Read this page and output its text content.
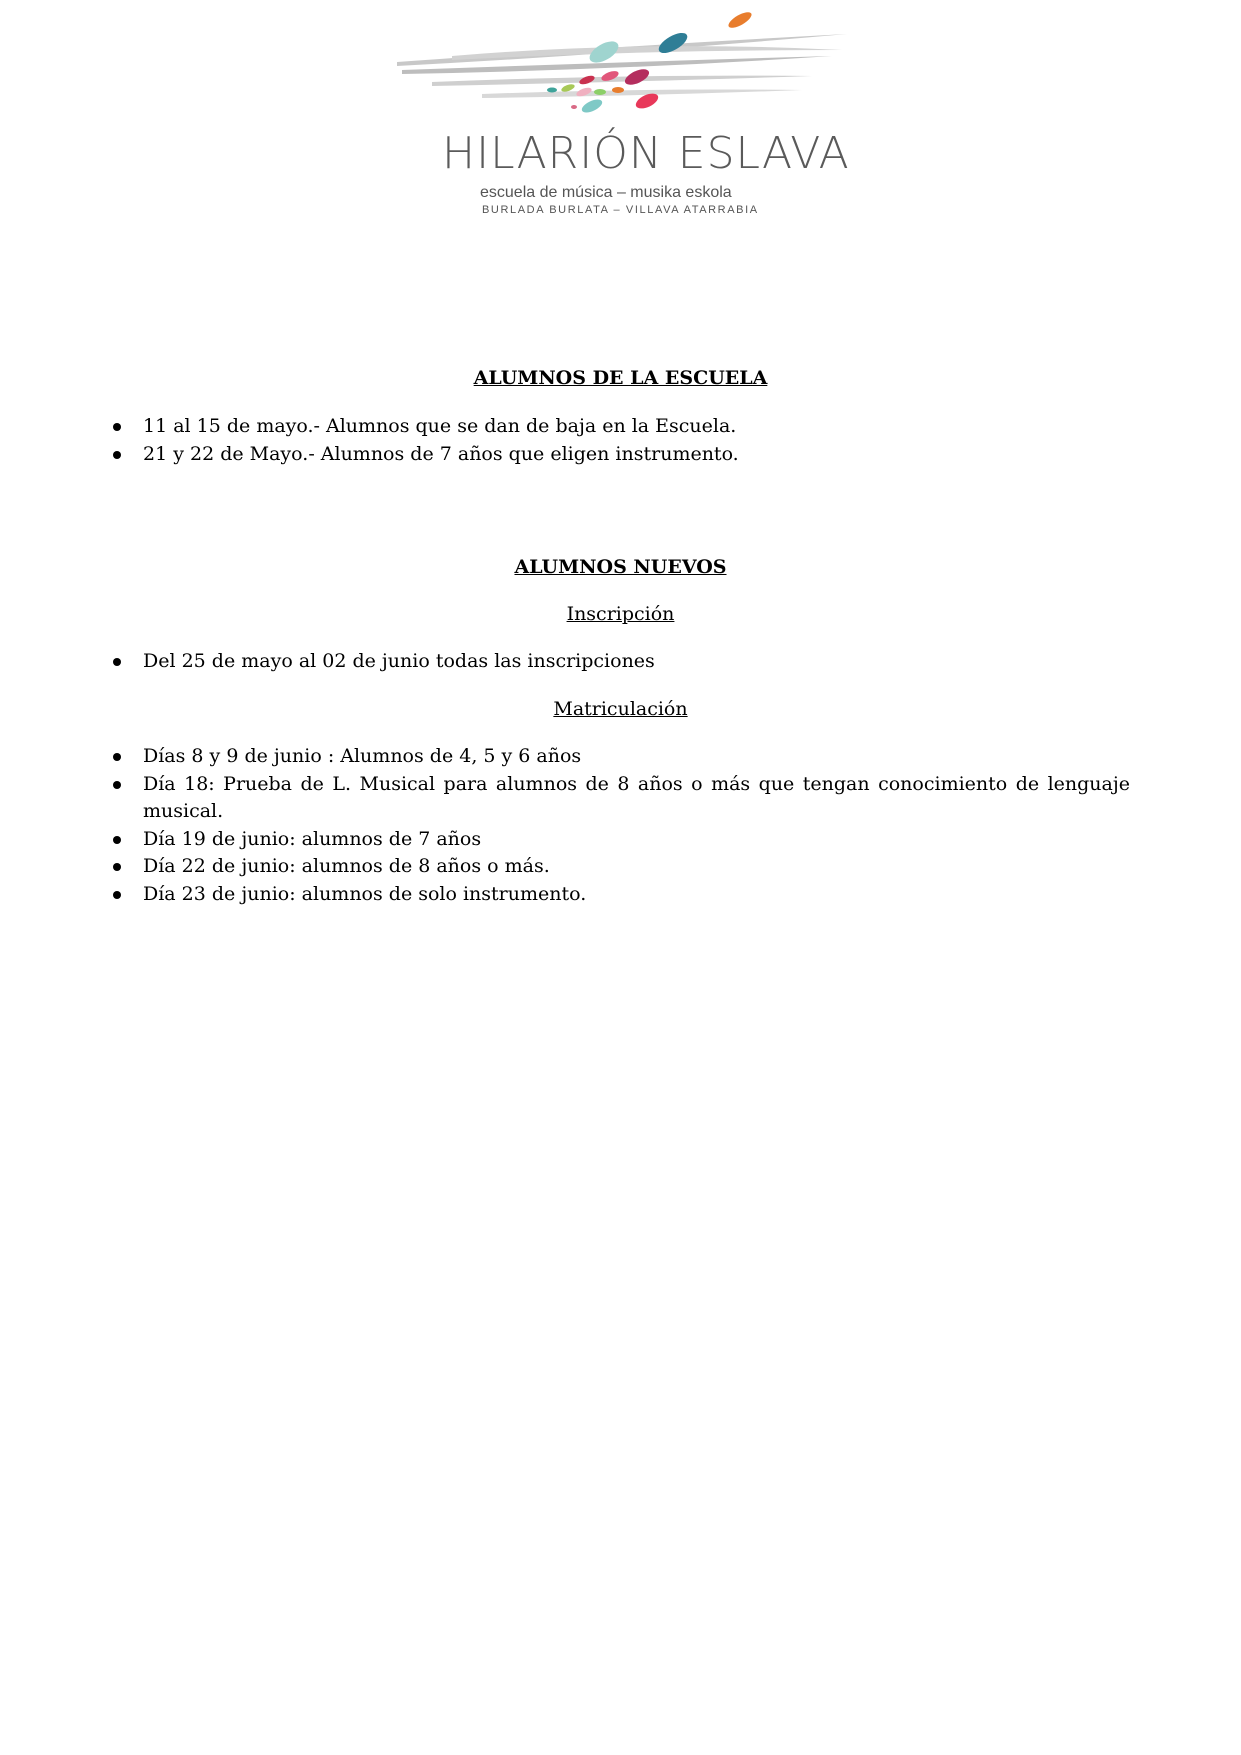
HILARIÓN ESLAVA
escuela de música – musika eskola
BURLADA BURLATA – VILLAVA ATARRABIA
ALUMNOS DE LA ESCUELA
11 al 15 de mayo.- Alumnos que se dan de baja en la Escuela.
21 y 22 de Mayo.- Alumnos de 7 años que eligen instrumento.
ALUMNOS NUEVOS
Inscripción
Del 25 de mayo al 02 de junio todas las inscripciones
Matriculación
Días 8 y 9 de junio : Alumnos de 4, 5 y 6 años
Día 18: Prueba de L. Musical para alumnos de 8 años o más que tengan conocimiento de lenguaje musical.
Día 19 de junio: alumnos de 7 años
Día 22 de junio: alumnos de 8 años o más.
Día 23 de junio: alumnos de solo instrumento.
